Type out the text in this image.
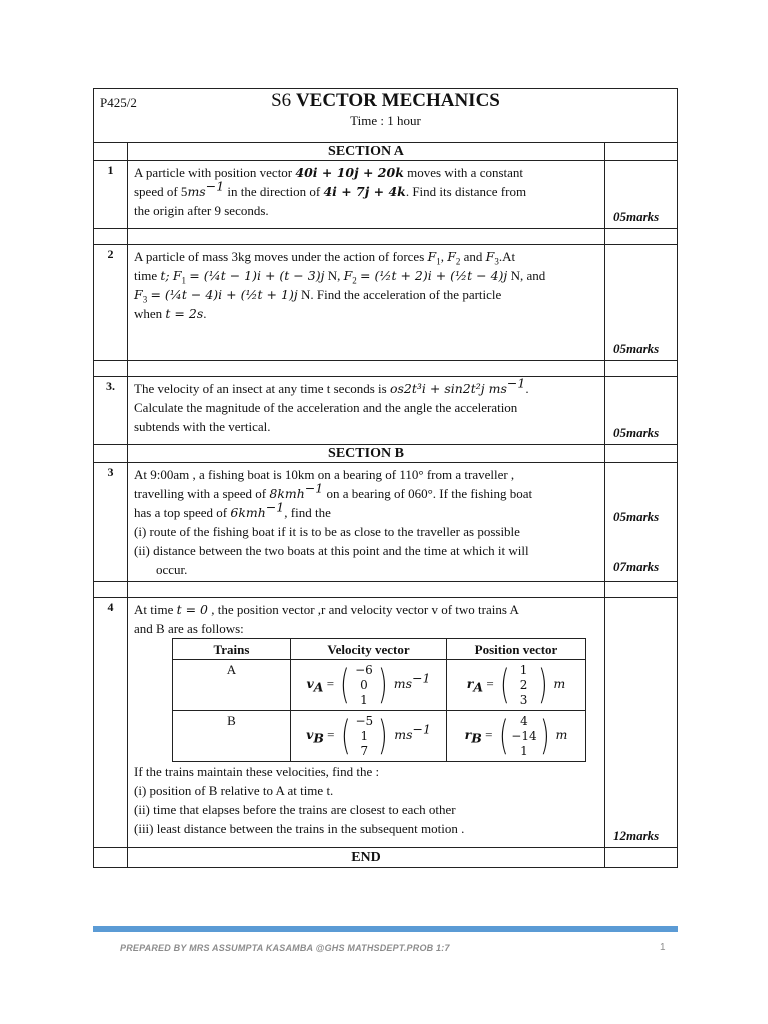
P425/2	S6 VECTOR MECHANICS
Time : 1 hour

	SECTION A	
1	A particle with position vector 40i + 10j + 20k moves with a constant
speed of $5ms^{-1}$ in the direction of 4i + 7j + 4k. Find its distance from
the origin after 9 seconds.	05marks

2	A particle of mass 3kg moves under the action of forces $F_1$, $F_2$ and $F_3.At$
time t; $F_1$ = (¼t − 1)i + (t − 3)j N, $F_2$ = (½t + 2)i + (½t − 4)j N, and
$F_3$ = (¼t − 4)i + (½t + 1)j N. Find the acceleration of the particle
when t = 2s.	05marks

3.	The velocity of an insect at any time t seconds is os2t³i + sin2t²j $ms^{-1}$.
Calculate the magnitude of the acceleration and the angle the acceleration
subtends with the vertical.	05marks
	SECTION B	
3	At 9:00am , a fishing boat is 10km on a bearing of 110° from a traveller ,
travelling with a speed of 8kmh$^{-1}$ on a bearing of 060°. If the fishing boat
has a top speed of 6kmh$^{-1}$, find the
(i) route of the fishing boat if it is to be as close to the traveller as possible
(ii) distance between the two boats at this point and the time at which it will

occur.

05marks
07marks

4	At time t = 0 , the position vector ,r and velocity vector v of two trains A
and B are as follows:
Trains	Velocity vector	Position vector
A	$v_A$ = ( −6
0
1 ) $ms^{-1}$	$r_A$ = ( 1
2
3 ) m
B	$v_B$ = ( −5
1
7 ) $ms^{-1}$	$r_B$ = ( 4
−14
1 ) m
If the trains maintain these velocities, find the :
(i) position of B relative to A at time t.
(ii) time that elapses before the trains are closest to each other
(iii) least distance between the trains in the subsequent motion .	12marks
	END	
PREPARED BY MRS ASSUMPTA KASAMBA @GHS MATHSDEPT.PROB 1:7	1
